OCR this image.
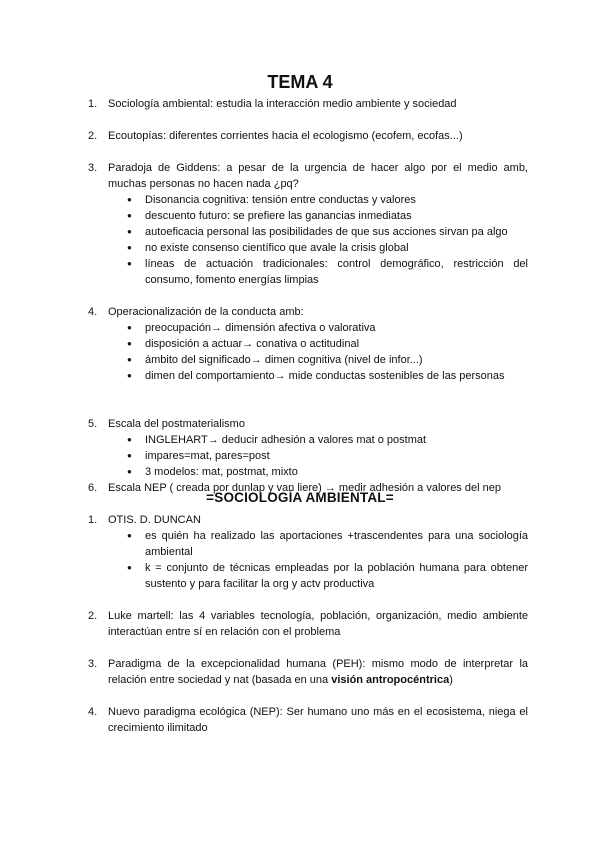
TEMA 4
1. Sociología ambiental: estudia la interacción medio ambiente y sociedad
2. Ecoutopías: diferentes corrientes hacia el ecologismo (ecofem, ecofas...)
3. Paradoja de Giddens: a pesar de la urgencia de hacer algo por el medio amb, muchas personas no hacen nada ¿pq?
● Disonancia cognitiva: tensión entre conductas y valores
● descuento futuro: se prefiere las ganancias inmediatas
● autoeficacia personal las posibilidades de que sus acciones sirvan pa algo
● no existe consenso científico que avale la crisis global
● líneas de actuación tradicionales: control demográfico, restricción del consumo, fomento energías limpias
4. Operacionalización de la conducta amb:
● preocupación→ dimensión afectiva o valorativa
● disposición a actuar→ conativa o actitudinal
● ámbito del significado→ dimen cognitiva (nivel de infor...)
● dimen del comportamiento→ mide conductas sostenibles de las personas
5. Escala del postmaterialismo
● INGLEHART→ deducir adhesión a valores mat o postmat
● impares=mat, pares=post
● 3 modelos: mat, postmat, mixto
6. Escala NEP ( creada por dunlap y van liere) → medir adhesión a valores del nep
=SOCIOLOGÍA AMBIENTAL=
1. OTIS. D. DUNCAN
● es quién ha realizado las aportaciones +trascendentes para una sociología ambiental
● k = conjunto de técnicas empleadas por la población humana para obtener sustento y para facilitar la org y actv productiva
2. Luke martell: las 4 variables tecnología, población, organización, medio ambiente interactúan entre sí en relación con el problema
3. Paradigma de la excepcionalidad humana (PEH): mismo modo de interpretar la relación entre sociedad y nat (basada en una visión antropocéntrica)
4. Nuevo paradigma ecológica (NEP): Ser humano uno más en el ecosistema, niega el crecimiento ilimitado
